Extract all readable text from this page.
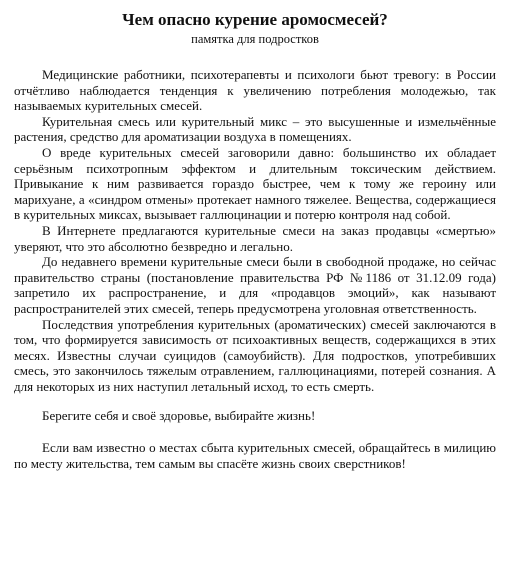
Чем опасно курение аромосмесей?
памятка для подростков

Медицинские работники, психотерапевты и психологи бьют тревогу: в России отчётливо наблюдается тенденция к увеличению потребления молодежью, так называемых курительных смесей.

Курительная смесь или курительный микс – это высушенные и измельчённые растения, средство для ароматизации воздуха в помещениях.

О вреде курительных смесей заговорили давно: большинство их обладает серьёзным психотропным эффектом и длительным токсическим действием. Привыкание к ним развивается гораздо быстрее, чем к тому же героину или марихуане, а «синдром отмены» протекает намного тяжелее. Вещества, содержащиеся в курительных миксах, вызывает галлюцинации и потерю контроля над собой.

В Интернете предлагаются курительные смеси на заказ продавцы «смертью» уверяют, что это абсолютно безвредно и легально.

До недавнего времени курительные смеси были в свободной продаже, но сейчас правительство страны (постановление правительства РФ №1186 от 31.12.09 года) запретило их распространение, и для «продавцов эмоций», как называют распространителей этих смесей, теперь предусмотрена уголовная ответственность.

Последствия употребления курительных (ароматических) смесей заключаются в том, что формируется зависимость от психоактивных веществ, содержащихся в этих месях. Известны случаи суицидов (самоубийств). Для подростков, употребивших смесь, это закончилось тяжелым отравлением, галлюцинациями, потерей сознания. А для некоторых из них наступил летальный исход, то есть смерть.

Берегите себя и своё здоровье, выбирайте жизнь!

Если вам известно о местах сбыта курительных смесей, обращайтесь в милицию по месту жительства, тем самым вы спасёте жизнь своих сверстников!
